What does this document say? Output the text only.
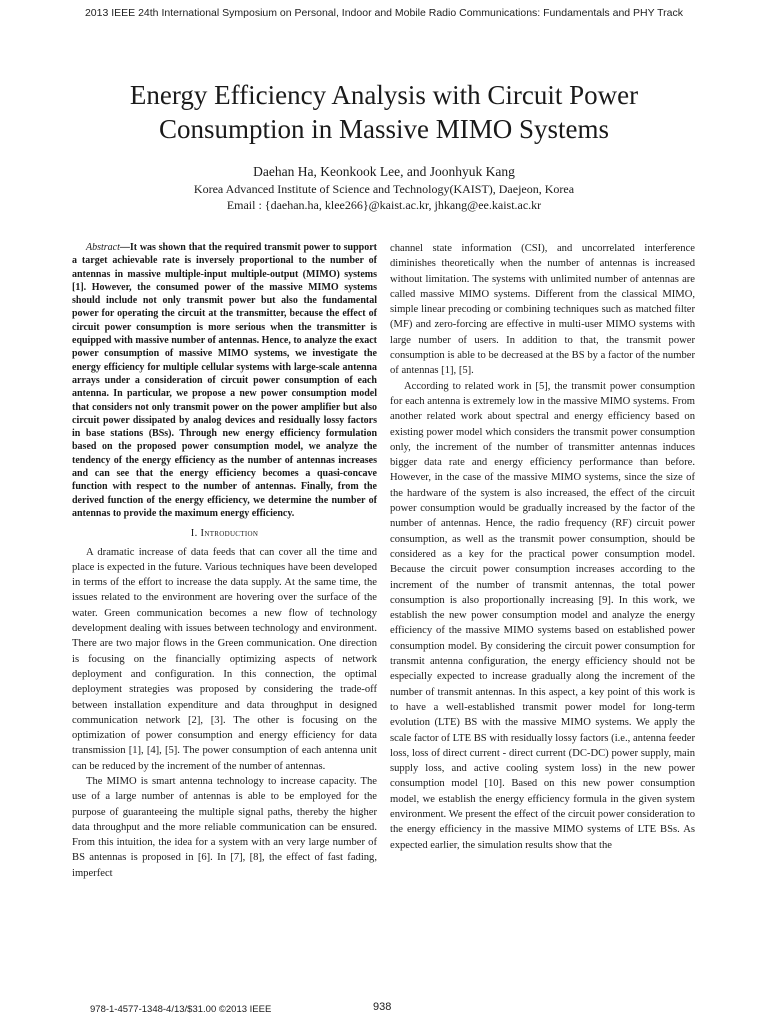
2013 IEEE 24th International Symposium on Personal, Indoor and Mobile Radio Communications: Fundamentals and PHY Track
Energy Efficiency Analysis with Circuit Power
Consumption in Massive MIMO Systems
Daehan Ha, Keonkook Lee, and Joonhyuk Kang
Korea Advanced Institute of Science and Technology(KAIST), Daejeon, Korea
Email : {daehan.ha, klee266}@kaist.ac.kr, jhkang@ee.kaist.ac.kr

Abstract—It was shown that the required transmit power to support a target achievable rate is inversely proportional to the number of antennas in massive multiple-input multiple-output (MIMO) systems [1]. However, the consumed power of the massive MIMO systems should include not only transmit power but also the fundamental power for operating the circuit at the transmitter, because the effect of circuit power consumption is more serious when the transmitter is equipped with massive number of antennas. Hence, to analyze the exact power consumption of massive MIMO systems, we investigate the energy efficiency for multiple cellular systems with large-scale antenna arrays under a consideration of circuit power consumption of each antenna. In particular, we propose a new power consumption model that considers not only transmit power on the power amplifier but also circuit power dissipated by analog devices and residually lossy factors in base stations (BSs). Through new energy efficiency formulation based on the proposed power consumption model, we analyze the tendency of the energy efficiency as the number of antennas increases and can see that the energy efficiency becomes a quasi-concave function with respect to the number of antennas. Finally, from the derived function of the energy efficiency, we determine the number of antennas to provide the maximum energy efficiency.

I. Introduction

A dramatic increase of data feeds that can cover all the time and place is expected in the future. Various techniques have been developed in terms of the effort to increase the data supply. At the same time, the issues related to the environment are hovering over the surface of the water. Green communication becomes a new flow of technology development dealing with issues between technology and environment. There are two major flows in the Green communication. One direction is focusing on the financially optimizing aspects of network deployment and configuration. In this connection, the optimal deployment strategies was proposed by considering the trade-off between installation expenditure and data throughput in designed communication network [2], [3]. The other is focusing on the optimization of power consumption and energy efficiency for data transmission [1], [4], [5]. The power consumption of each antenna unit can be reduced by the increment of the number of antennas.

The MIMO is smart antenna technology to increase capacity. The use of a large number of antennas is able to be employed for the purpose of guaranteeing the multiple signal paths, thereby the higher data throughput and the more reliable communication can be ensured. From this intuition, the idea for a system with an very large number of BS antennas is proposed in [6]. In [7], [8], the effect of fast fading, imperfect

channel state information (CSI), and uncorrelated interference diminishes theoretically when the number of antennas is increased without limitation. The systems with unlimited number of antennas are called massive MIMO systems. Different from the classical MIMO, simple linear precoding or combining techniques such as matched filter (MF) and zero-forcing are effective in multi-user MIMO systems with large number of users. In addition to that, the transmit power consumption is able to be decreased at the BS by a factor of the number of antennas [1], [5].

According to related work in [5], the transmit power consumption for each antenna is extremely low in the massive MIMO systems. From another related work about spectral and energy efficiency based on existing power model which considers the transmit power consumption only, the increment of the number of transmitter antennas induces bigger data rate and energy efficiency performance than before. However, in the case of the massive MIMO systems, since the size of the hardware of the system is also increased, the effect of the circuit power consumption would be gradually increased by the factor of the number of antennas. Hence, the radio frequency (RF) circuit power consumption, as well as the transmit power consumption, should be considered as a key for the practical power consumption model. Because the circuit power consumption increases according to the increment of the number of transmit antennas, the total power consumption is also proportionally increasing [9]. In this work, we establish the new power consumption model and analyze the energy efficiency of the massive MIMO systems based on established power consumption model. By considering the circuit power consumption for transmit antenna configuration, the energy efficiency should not be especially expected to increase gradually along the increment of the number of transmit antennas. In this aspect, a key point of this work is to have a well-established transmit power model for long-term evolution (LTE) BS with the massive MIMO systems. We apply the scale factor of LTE BS with residually lossy factors (i.e., antenna feeder loss, loss of direct current - direct current (DC-DC) power supply, main supply loss, and active cooling system loss) in the new power consumption model [10]. Based on this new power consumption model, we establish the energy efficiency formula in the given system environment. We present the effect of the circuit power consideration to the energy efficiency in the massive MIMO systems of LTE BSs. As expected earlier, the simulation results show that the

978-1-4577-1348-4/13/$31.00 ©2013 IEEE	938
